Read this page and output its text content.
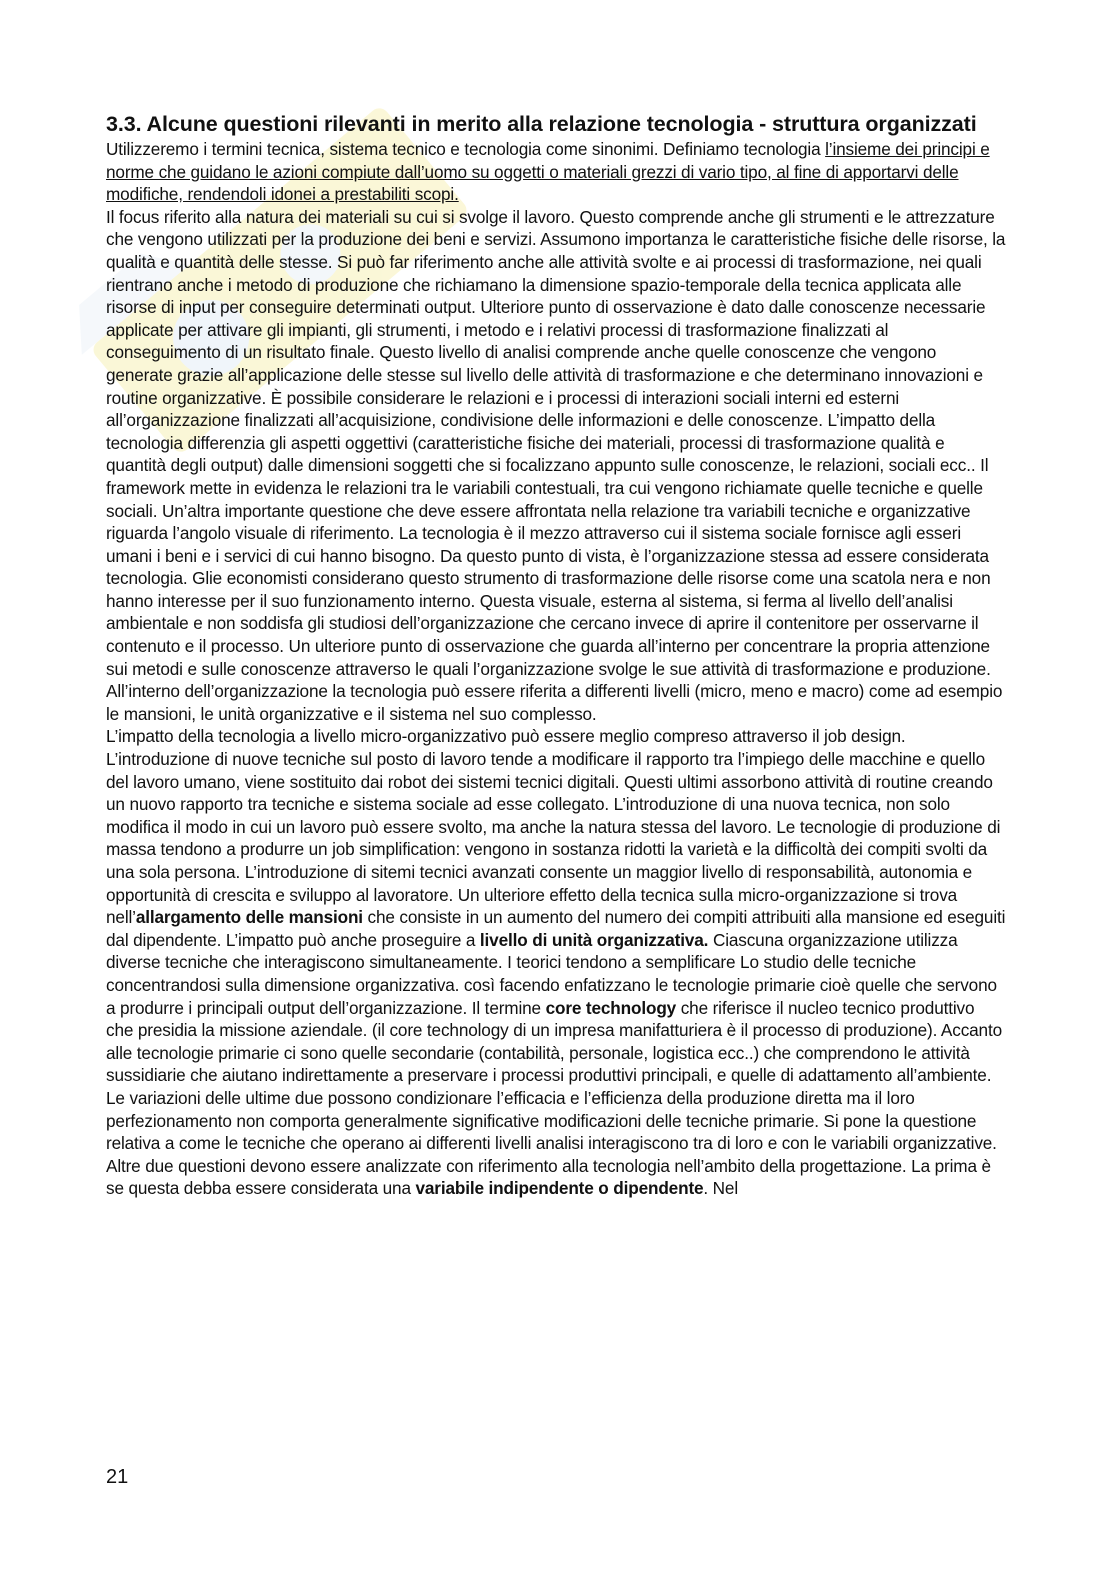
3.3. Alcune questioni rilevanti in merito alla relazione tecnologia - struttura organizzati

Utilizzeremo i termini tecnica, sistema tecnico e tecnologia come sinonimi. Definiamo tecnologia l’insieme dei principi e norme che guidano le azioni compiute dall’uomo su oggetti o materiali grezzi di vario tipo, al fine di apportarvi delle modifiche, rendendoli idonei a prestabiliti scopi.

Il focus riferito alla natura dei materiali su cui si svolge il lavoro. Questo comprende anche gli strumenti e le attrezzature che vengono utilizzati per la produzione dei beni e servizi. Assumono importanza le caratteristiche fisiche delle risorse, la qualità e quantità delle stesse. Si può far riferimento anche alle attività svolte e ai processi di trasformazione, nei quali rientrano anche i metodo di produzione che richiamano la dimensione spazio-temporale della tecnica applicata alle risorse di input per conseguire determinati output. Ulteriore punto di osservazione è dato dalle conoscenze necessarie applicate per attivare gli impianti, gli strumenti, i metodo e i relativi processi di trasformazione finalizzati al conseguimento di un risultato finale. Questo livello di analisi comprende anche quelle conoscenze che vengono generate grazie all’applicazione delle stesse sul livello delle attività di trasformazione e che determinano innovazioni e routine organizzative. È possibile considerare le relazioni e i processi di interazioni sociali interni ed esterni all’organizzazione finalizzati all’acquisizione, condivisione delle informazioni e delle conoscenze. L’impatto della tecnologia differenzia gli aspetti oggettivi (caratteristiche fisiche dei materiali, processi di trasformazione qualità e quantità degli output) dalle dimensioni soggetti che si focalizzano appunto sulle conoscenze, le relazioni, sociali ecc.. Il framework mette in evidenza le relazioni tra le variabili contestuali, tra cui vengono richiamate quelle tecniche e quelle sociali. Un’altra importante questione che deve essere affrontata nella relazione tra variabili tecniche e organizzative riguarda l’angolo visuale di riferimento. La tecnologia è il mezzo attraverso cui il sistema sociale fornisce agli esseri umani i beni e i servici di cui hanno bisogno. Da questo punto di vista, è l’organizzazione stessa ad essere considerata tecnologia. Glie economisti considerano questo strumento di trasformazione delle risorse come una scatola nera e non hanno interesse per il suo funzionamento interno. Questa visuale, esterna al sistema, si ferma al livello dell’analisi ambientale e non soddisfa gli studiosi dell’organizzazione che cercano invece di aprire il contenitore per osservarne il contenuto e il processo. Un ulteriore punto di osservazione che guarda all’interno per concentrare la propria attenzione sui metodi e sulle conoscenze attraverso le quali l’organizzazione svolge le sue attività di trasformazione e produzione. All’interno dell’organizzazione la tecnologia può essere riferita a differenti livelli (micro, meno e macro) come ad esempio le mansioni, le unità organizzative e il sistema nel suo complesso.

L’impatto della tecnologia a livello micro-organizzativo può essere meglio compreso attraverso il job design. L’introduzione di nuove tecniche sul posto di lavoro tende a modificare il rapporto tra l’impiego delle macchine e quello del lavoro umano, viene sostituito dai robot dei sistemi tecnici digitali. Questi ultimi assorbono attività di routine creando un nuovo rapporto tra tecniche e sistema sociale ad esse collegato. L’introduzione di una nuova tecnica, non solo modifica il modo in cui un lavoro può essere svolto, ma anche la natura stessa del lavoro. Le tecnologie di produzione di massa tendono a produrre un job simplification: vengono in sostanza ridotti la varietà e la difficoltà dei compiti svolti da una sola persona. L’introduzione di sitemi tecnici avanzati consente un maggior livello di responsabilità, autonomia e opportunità di crescita e sviluppo al lavoratore. Un ulteriore effetto della tecnica sulla micro-organizzazione si trova nell’allargamento delle mansioni che consiste in un aumento del numero dei compiti attribuiti alla mansione ed eseguiti dal dipendente. L’impatto può anche proseguire a livello di unità organizzativa. Ciascuna organizzazione utilizza diverse tecniche che interagiscono simultaneamente. I teorici tendono a semplificare Lo studio delle tecniche concentrandosi sulla dimensione organizzativa. così facendo enfatizzano le tecnologie primarie cioè quelle che servono a produrre i principali output dell’organizzazione. Il termine core technology che riferisce il nucleo tecnico produttivo che presidia la missione aziendale. (il core technology di un impresa manifatturiera è il processo di produzione). Accanto alle tecnologie primarie ci sono quelle secondarie (contabilità, personale, logistica ecc..) che comprendono le attività sussidiarie che aiutano indirettamente a preservare i processi produttivi principali, e quelle di adattamento all’ambiente. Le variazioni delle ultime due possono condizionare l’efficacia e l’efficienza della produzione diretta ma il loro perfezionamento non comporta generalmente significative modificazioni delle tecniche primarie. Si pone la questione relativa a come le tecniche che operano ai differenti livelli analisi interagiscono tra di loro e con le variabili organizzative. Altre due questioni devono essere analizzate con riferimento alla tecnologia nell’ambito della progettazione. La prima è se questa debba essere considerata una variabile indipendente o dipendente. Nel

21
